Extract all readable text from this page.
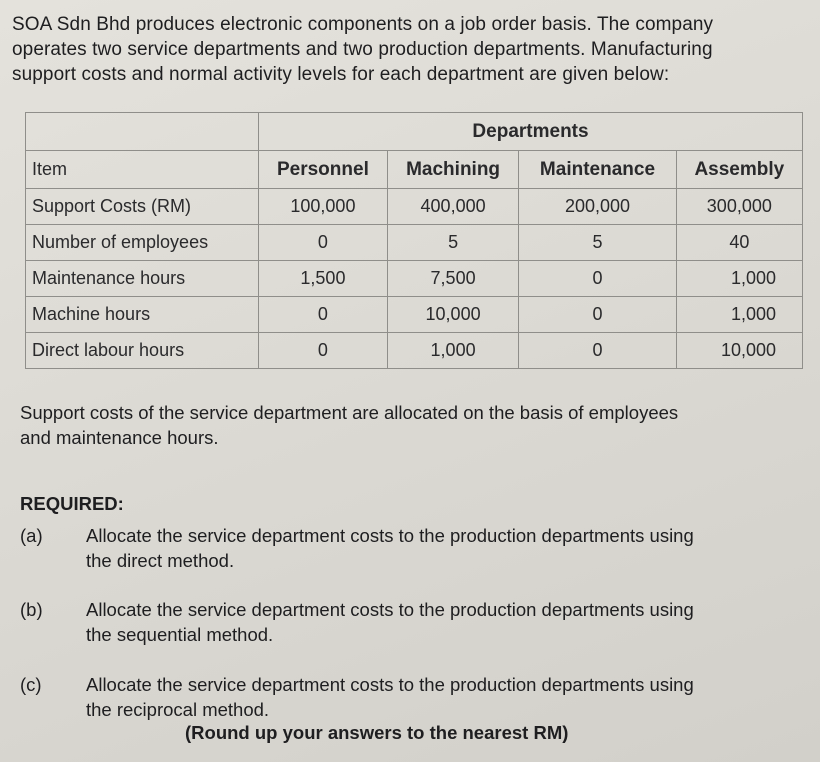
SOA Sdn Bhd produces electronic components on a job order basis. The company

operates two service departments and two production departments. Manufacturing

support costs and normal activity levels for each department are given below:

	Departments			
Item	Personnel	Machining	Maintenance	Assembly
Support Costs (RM)	100,000	400,000	200,000	300,000
Number of employees	0	5	5	40
Maintenance hours	1,500	7,500	0	1,000
Machine hours	0	10,000	0	1,000
Direct labour hours	0	1,000	0	10,000
Support costs of the service department are allocated on the basis of employees
and maintenance hours.

REQUIRED:

(a)	Allocate the service department costs to the production departments using
the direct method.
(b)	Allocate the service department costs to the production departments using
the sequential method.
(c)	Allocate the service department costs to the production departments using
the reciprocal method.

(Round up your answers to the nearest RM)
